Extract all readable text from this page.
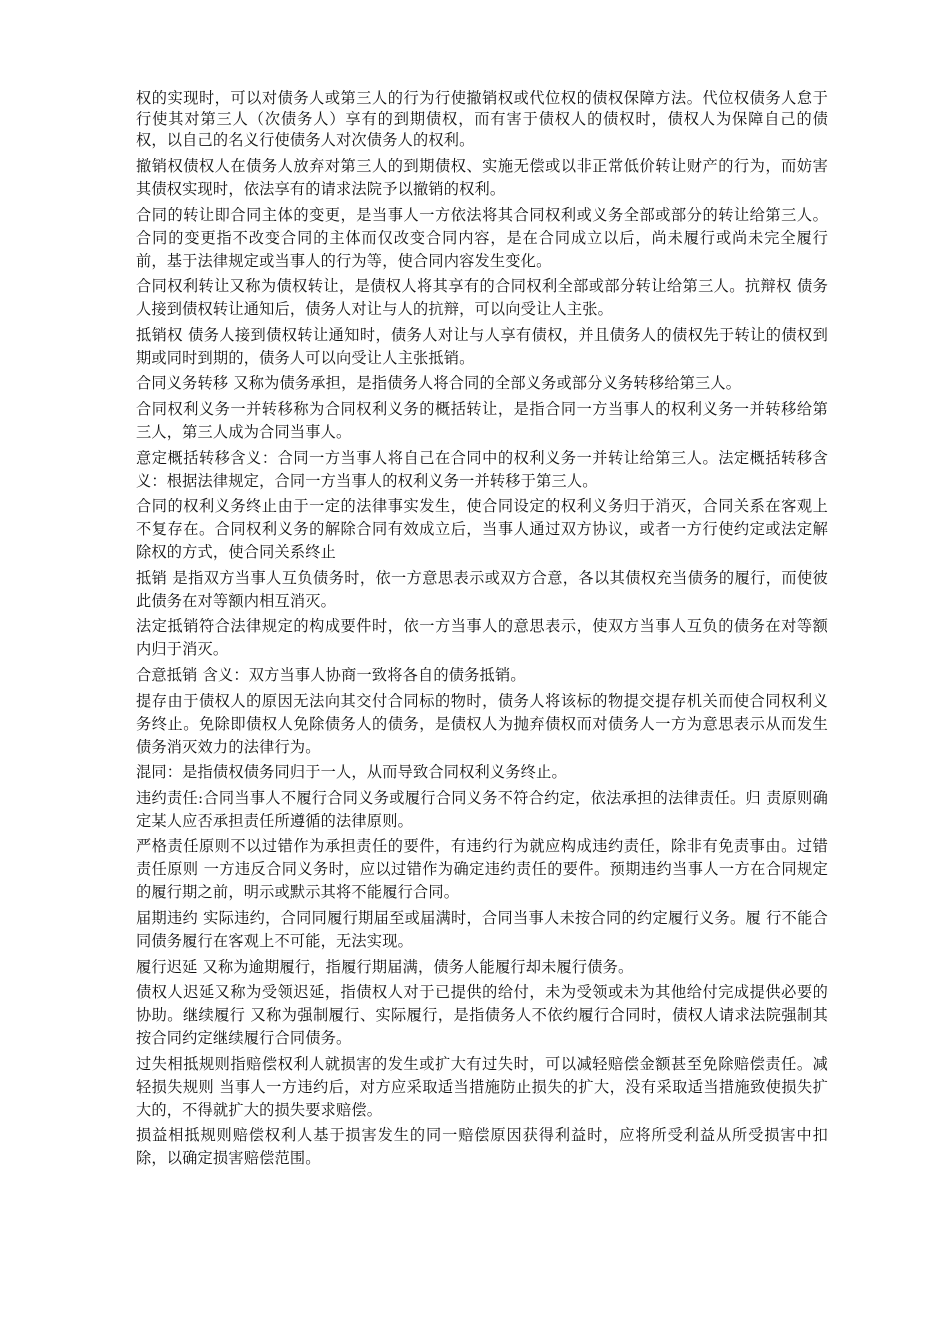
权的实现时，可以对债务人或第三人的行为行使撤销权或代位权的债权保障方法。代位权债务人怠于行使其对第三人（次债务人）享有的到期债权，而有害于债权人的债权时，债权人为保障自己的债权，以自己的名义行使债务人对次债务人的权利。

撤销权债权人在债务人放弃对第三人的到期债权、实施无偿或以非正常低价转让财产的行为，而妨害其债权实现时，依法享有的请求法院予以撤销的权利。

合同的转让即合同主体的变更，是当事人一方依法将其合同权利或义务全部或部分的转让给第三人。合同的变更指不改变合同的主体而仅改变合同内容，是在合同成立以后，尚未履行或尚未完全履行前，基于法律规定或当事人的行为等，使合同内容发生变化。

合同权利转让又称为债权转让，是债权人将其享有的合同权利全部或部分转让给第三人。抗辩权 债务人接到债权转让通知后，债务人对让与人的抗辩，可以向受让人主张。

抵销权 债务人接到债权转让通知时，债务人对让与人享有债权，并且债务人的债权先于转让的债权到期或同时到期的，债务人可以向受让人主张抵销。

合同义务转移 又称为债务承担，是指债务人将合同的全部义务或部分义务转移给第三人。

合同权利义务一并转移称为合同权利义务的概括转让，是指合同一方当事人的权利义务一并转移给第三人，第三人成为合同当事人。

意定概括转移含义：合同一方当事人将自己在合同中的权利义务一并转让给第三人。法定概括转移含义：根据法律规定，合同一方当事人的权利义务一并转移于第三人。

合同的权利义务终止由于一定的法律事实发生，使合同设定的权利义务归于消灭，合同关系在客观上不复存在。合同权利义务的解除合同有效成立后，当事人通过双方协议，或者一方行使约定或法定解除权的方式，使合同关系终止

抵销 是指双方当事人互负债务时，依一方意思表示或双方合意，各以其债权充当债务的履行，而使彼此债务在对等额内相互消灭。

法定抵销符合法律规定的构成要件时，依一方当事人的意思表示，使双方当事人互负的债务在对等额内归于消灭。

合意抵销 含义：双方当事人协商一致将各自的债务抵销。

提存由于债权人的原因无法向其交付合同标的物时，债务人将该标的物提交提存机关而使合同权利义务终止。免除即债权人免除债务人的债务，是债权人为抛弃债权而对债务人一方为意思表示从而发生债务消灭效力的法律行为。

混同：是指债权债务同归于一人，从而导致合同权利义务终止。

违约责任:合同当事人不履行合同义务或履行合同义务不符合约定，依法承担的法律责任。归 责原则确定某人应否承担责任所遵循的法律原则。

严格责任原则不以过错作为承担责任的要件，有违约行为就应构成违约责任，除非有免责事由。过错责任原则 一方违反合同义务时，应以过错作为确定违约责任的要件。预期违约当事人一方在合同规定的履行期之前，明示或默示其将不能履行合同。

届期违约 实际违约，合同同履行期届至或届满时，合同当事人未按合同的约定履行义务。履 行不能合同债务履行在客观上不可能，无法实现。

履行迟延 又称为逾期履行，指履行期届满，债务人能履行却未履行债务。

债权人迟延又称为受领迟延，指债权人对于已提供的给付，未为受领或未为其他给付完成提供必要的协助。继续履行 又称为强制履行、实际履行，是指债务人不依约履行合同时，债权人请求法院强制其按合同约定继续履行合同债务。

过失相抵规则指赔偿权利人就损害的发生或扩大有过失时，可以减轻赔偿金额甚至免除赔偿责任。减轻损失规则 当事人一方违约后，对方应采取适当措施防止损失的扩大，没有采取适当措施致使损失扩大的，不得就扩大的损失要求赔偿。

损益相抵规则赔偿权利人基于损害发生的同一赔偿原因获得利益时，应将所受利益从所受损害中扣除，以确定损害赔偿范围。
